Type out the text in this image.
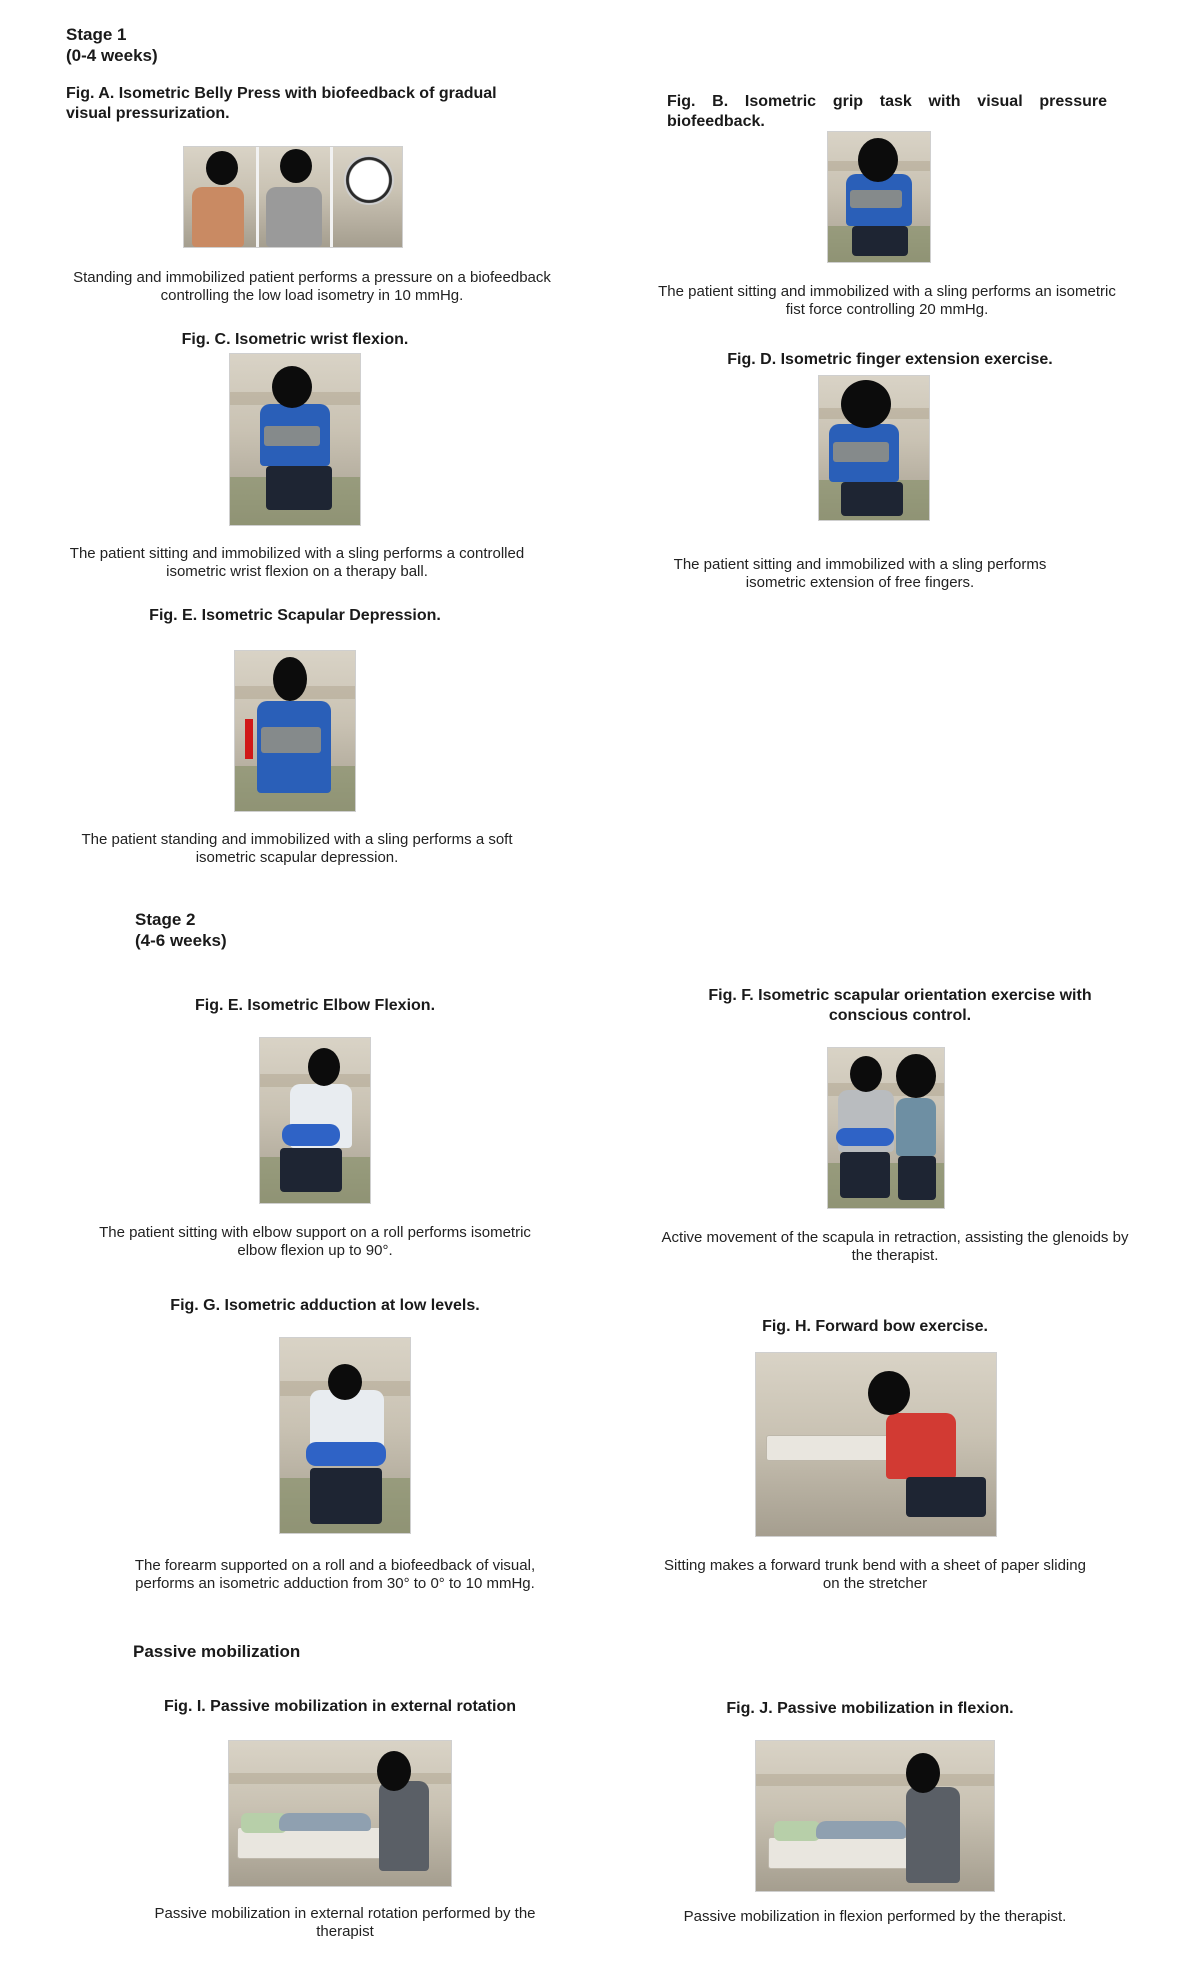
Stage 1
(0-4 weeks)
Fig. A. Isometric Belly Press with biofeedback of gradual visual pressurization.
Standing and immobilized patient performs a pressure on a biofeedback controlling the low load isometry in 10 mmHg.
Fig. B. Isometric grip task with visual pressure biofeedback.
The patient sitting and immobilized with a sling performs an isometric fist force controlling 20 mmHg.
Fig. C. Isometric wrist flexion.
The patient sitting and immobilized with a sling performs a controlled isometric wrist flexion on a therapy ball.
Fig. D. Isometric finger extension exercise.
The patient sitting and immobilized with a sling performs isometric extension of free fingers.
Fig. E. Isometric Scapular Depression.
The patient standing and immobilized with a sling performs a soft isometric scapular depression.
Stage 2
(4-6 weeks)
Fig. E. Isometric Elbow Flexion.
The patient sitting with elbow support on a roll performs isometric elbow flexion up to 90°.
Fig. F. Isometric scapular orientation exercise with conscious control.
Active movement of the scapula in retraction, assisting the glenoids by the therapist.
Fig. G. Isometric adduction at low levels.
The forearm supported on a roll and a biofeedback of visual, performs an isometric adduction from 30° to 0° to 10 mmHg.
Fig. H. Forward bow exercise.
Sitting makes a forward trunk bend with a sheet of paper sliding on the stretcher
Passive mobilization
Fig. I. Passive mobilization in external rotation
Passive mobilization in external rotation performed by the therapist
Fig. J. Passive mobilization in flexion.
Passive mobilization in flexion performed by the therapist.
